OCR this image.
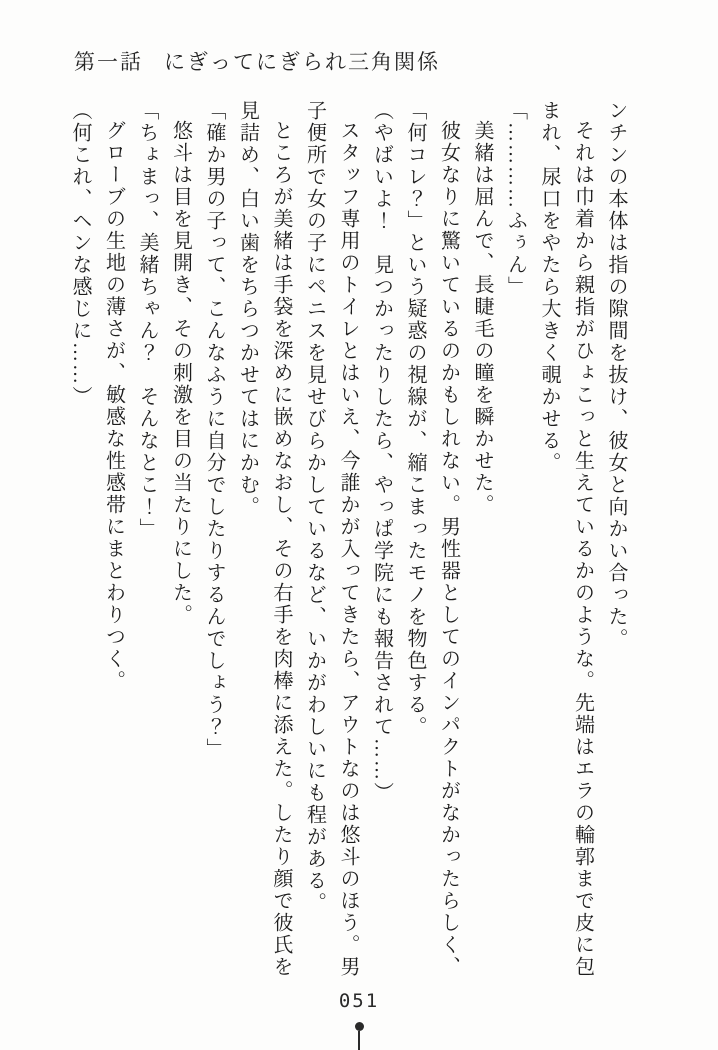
第一話 にぎってにぎられ三角関係

ンチンの本体は指の隙間を抜け、彼女と向かい合った。

それは巾着から親指がひょこっと生えているかのような。先端はエラの輪郭まで皮に包

まれ、尿口をやたら大きく覗かせる。

「…………ふぅん」

美緒は屈んで、長睫毛の瞳を瞬かせた。

彼女なりに驚いているのかもしれない。男性器としてのインパクトがなかったらしく、

「何コレ？」という疑惑の視線が、縮こまったモノを物色する。

（やばいよ！　見つかったりしたら、やっぱ学院にも報告されて……）

スタッフ専用のトイレとはいえ、今誰かが入ってきたら、アウトなのは悠斗のほう。男

子便所で女の子にペニスを見せびらかしているなど、いかがわしいにも程がある。

ところが美緒は手袋を深めに嵌めなおし、その右手を肉棒に添えた。したり顔で彼氏を

見詰め、白い歯をちらつかせてはにかむ。

「確か男の子って、こんなふうに自分でしたりするんでしょう？」

悠斗は目を見開き、その刺激を目の当たりにした。

「ちょまっ、美緒ちゃん？　そんなとこ！」

グローブの生地の薄さが、敏感な性感帯にまとわりつく。

（何これ、ヘンな感じに……）

051
